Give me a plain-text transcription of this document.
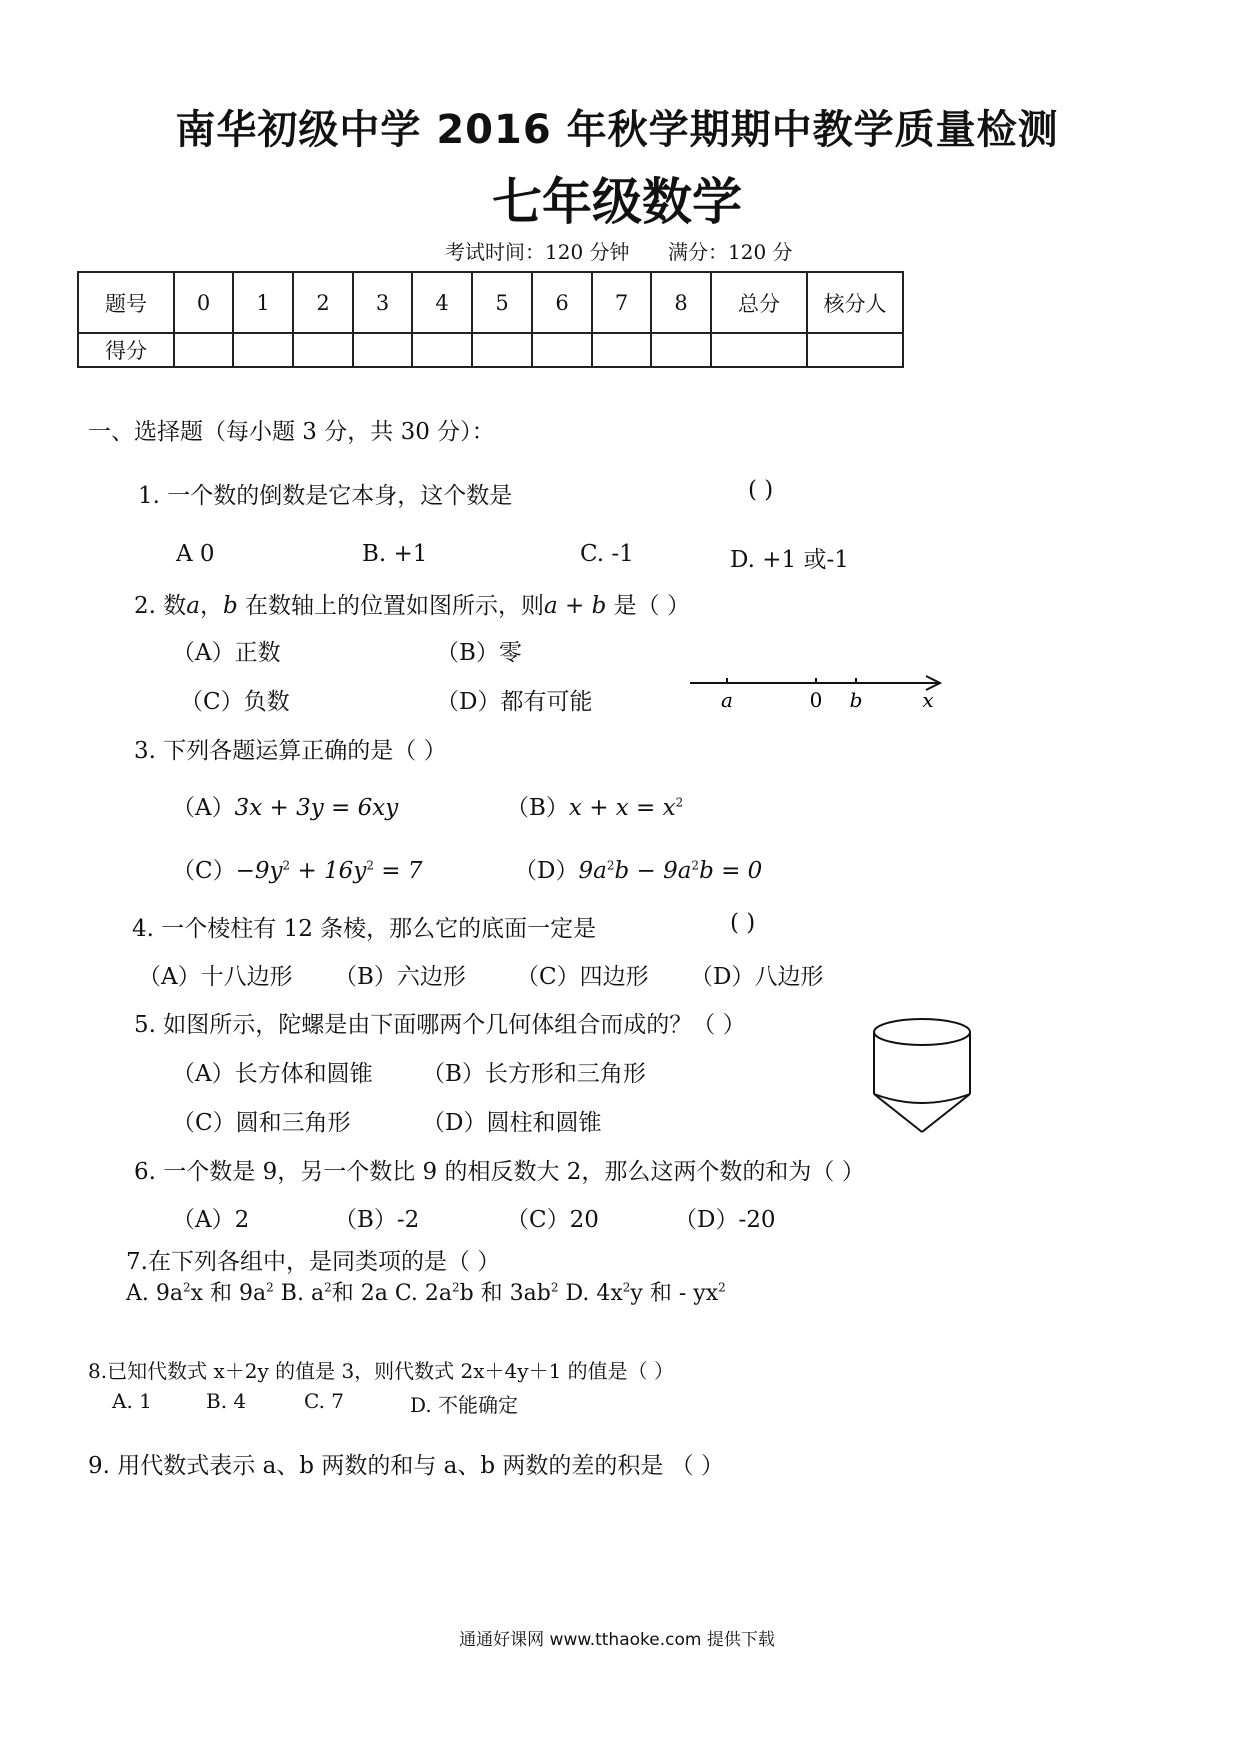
南华初级中学 2016 年秋学期期中教学质量检测
七年级数学
考试时间：120 分钟 满分：120 分
题号	0	1	2	3	4	5	6	7	8	总分	核分人
得分											
一、选择题（每小题 3 分，共 30 分）：
1. 一个数的倒数是它本身，这个数是	( )
A 0	B. +1	C. -1	D. +1 或-1
2. 数a，b 在数轴上的位置如图所示，则a + b 是（ ）
（A）正数	（B）零
（C）负数	（D）都有可能	a	0 b	x
3. 下列各题运算正确的是（ ）
（A）3x + 3y = 6xy	$(B)x + x = x^2$
$(C)-9y^2 + 16y^2 = 7$	$(D)9a^2b - 9a^2b = 0$
4. 一个棱柱有 12 条棱，那么它的底面一定是	( )
（A）十八边形 （B）六边形 （C）四边形 （D）八边形
5. 如图所示，陀螺是由下面哪两个几何体组合而成的？（ ）
（A）长方体和圆锥 （B）长方形和三角形
（C）圆和三角形	（D）圆柱和圆锥
6. 一个数是 9，另一个数比 9 的相反数大 2，那么这两个数的和为（ ）
（A）2	（B）-2	（C）20	（D）-20
7.在下列各组中，是同类项的是（ ）
A. $9a^2x$ 和 $9a^2$ B. $a^2$和 2a C. $2a^2b$ 和 $3ab^2$ D. $4x^2y$ 和 - $yx^2$
8.已知代数式 x＋2y 的值是 3，则代数式 2x＋4y＋1 的值是（ ）
A. 1	B. 4	C. 7	D. 不能确定
9. 用代数式表示 a、b 两数的和与 a、b 两数的差的积是 （ ）
通通好课网 www.tthaoke.com 提供下载
